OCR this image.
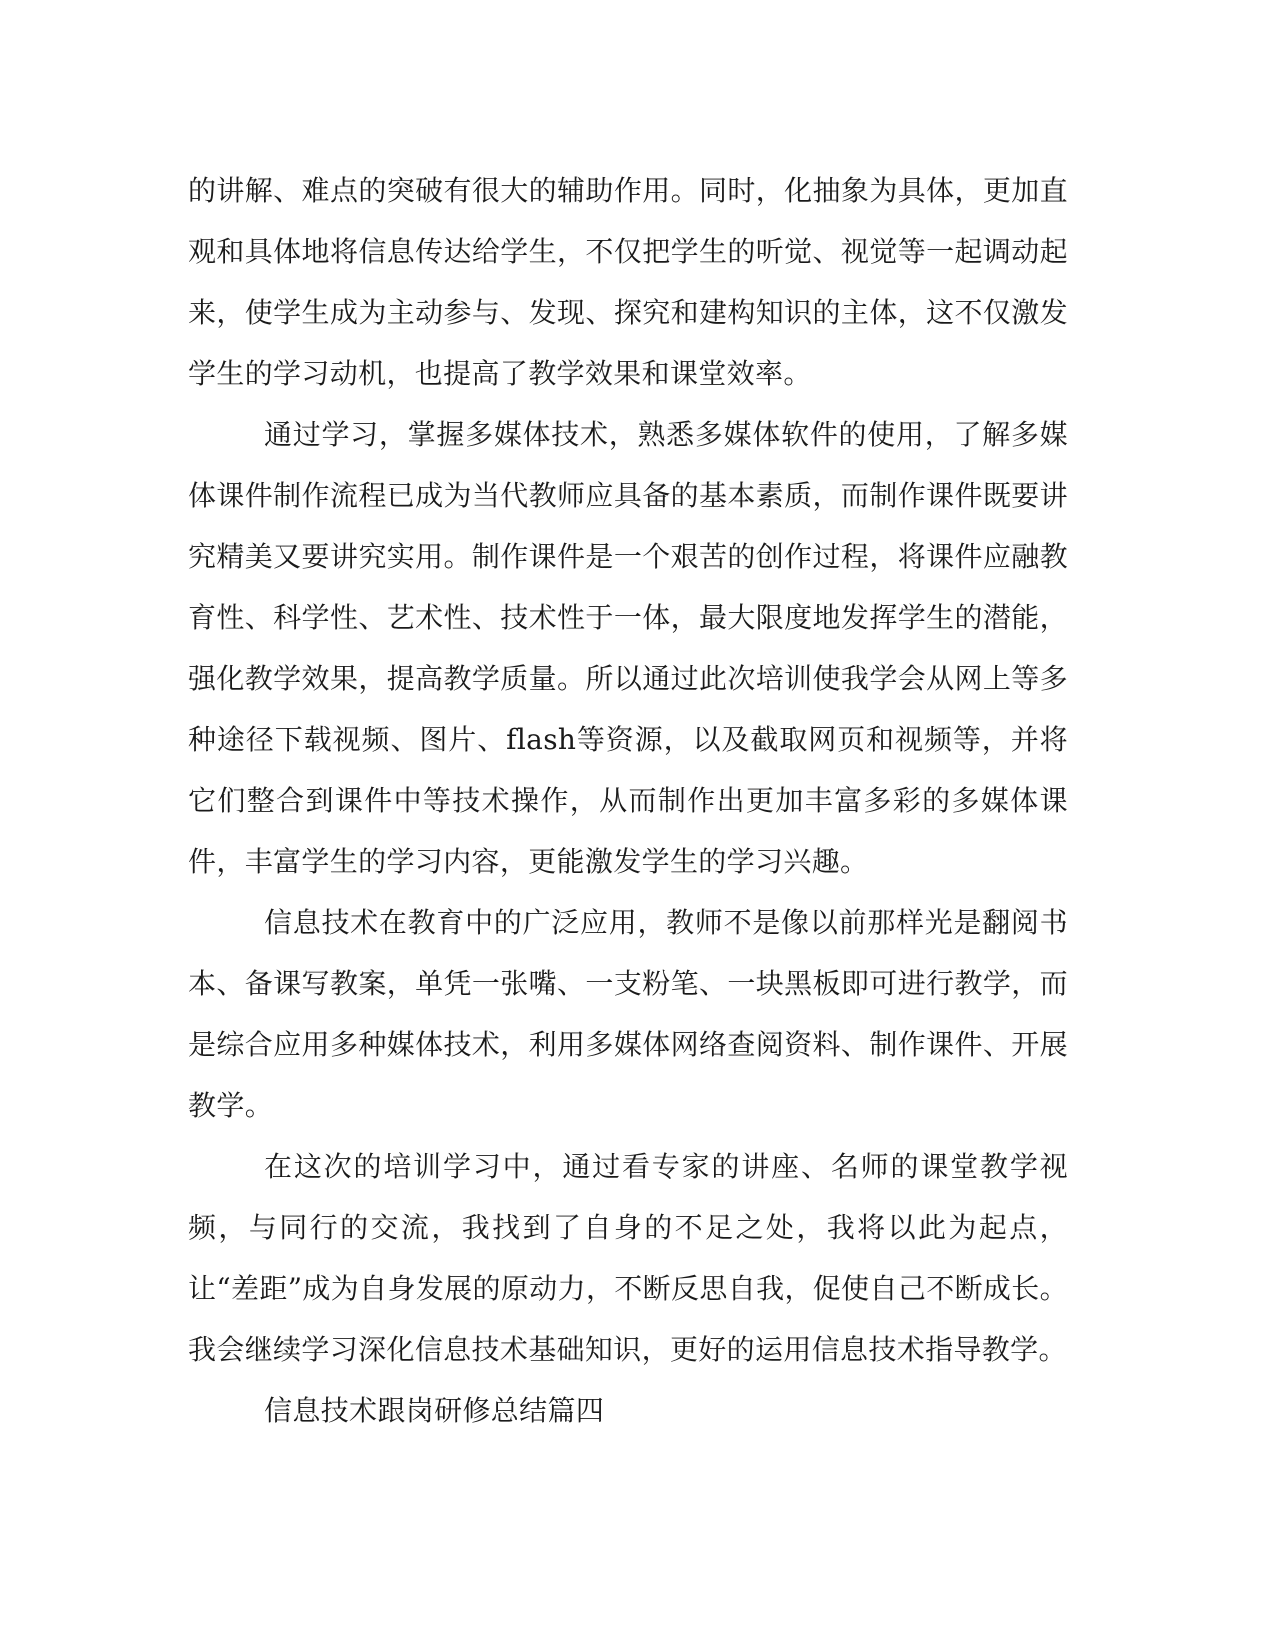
的讲解、难点的突破有很大的辅助作用。同时，化抽象为具体，更加直观和具体地将信息传达给学生，不仅把学生的听觉、视觉等一起调动起来，使学生成为主动参与、发现、探究和建构知识的主体，这不仅激发学生的学习动机，也提高了教学效果和课堂效率。

通过学习，掌握多媒体技术，熟悉多媒体软件的使用，了解多媒体课件制作流程已成为当代教师应具备的基本素质，而制作课件既要讲究精美又要讲究实用。制作课件是一个艰苦的创作过程，将课件应融教育性、科学性、艺术性、技术性于一体，最大限度地发挥学生的潜能，强化教学效果，提高教学质量。所以通过此次培训使我学会从网上等多种途径下载视频、图片、flash等资源，以及截取网页和视频等，并将它们整合到课件中等技术操作，从而制作出更加丰富多彩的多媒体课件，丰富学生的学习内容，更能激发学生的学习兴趣。

信息技术在教育中的广泛应用，教师不是像以前那样光是翻阅书本、备课写教案，单凭一张嘴、一支粉笔、一块黑板即可进行教学，而是综合应用多种媒体技术，利用多媒体网络查阅资料、制作课件、开展教学。

在这次的培训学习中，通过看专家的讲座、名师的课堂教学视频，与同行的交流，我找到了自身的不足之处，我将以此为起点，让“差距”成为自身发展的原动力，不断反思自我，促使自己不断成长。我会继续学习深化信息技术基础知识，更好的运用信息技术指导教学。

信息技术跟岗研修总结篇四
